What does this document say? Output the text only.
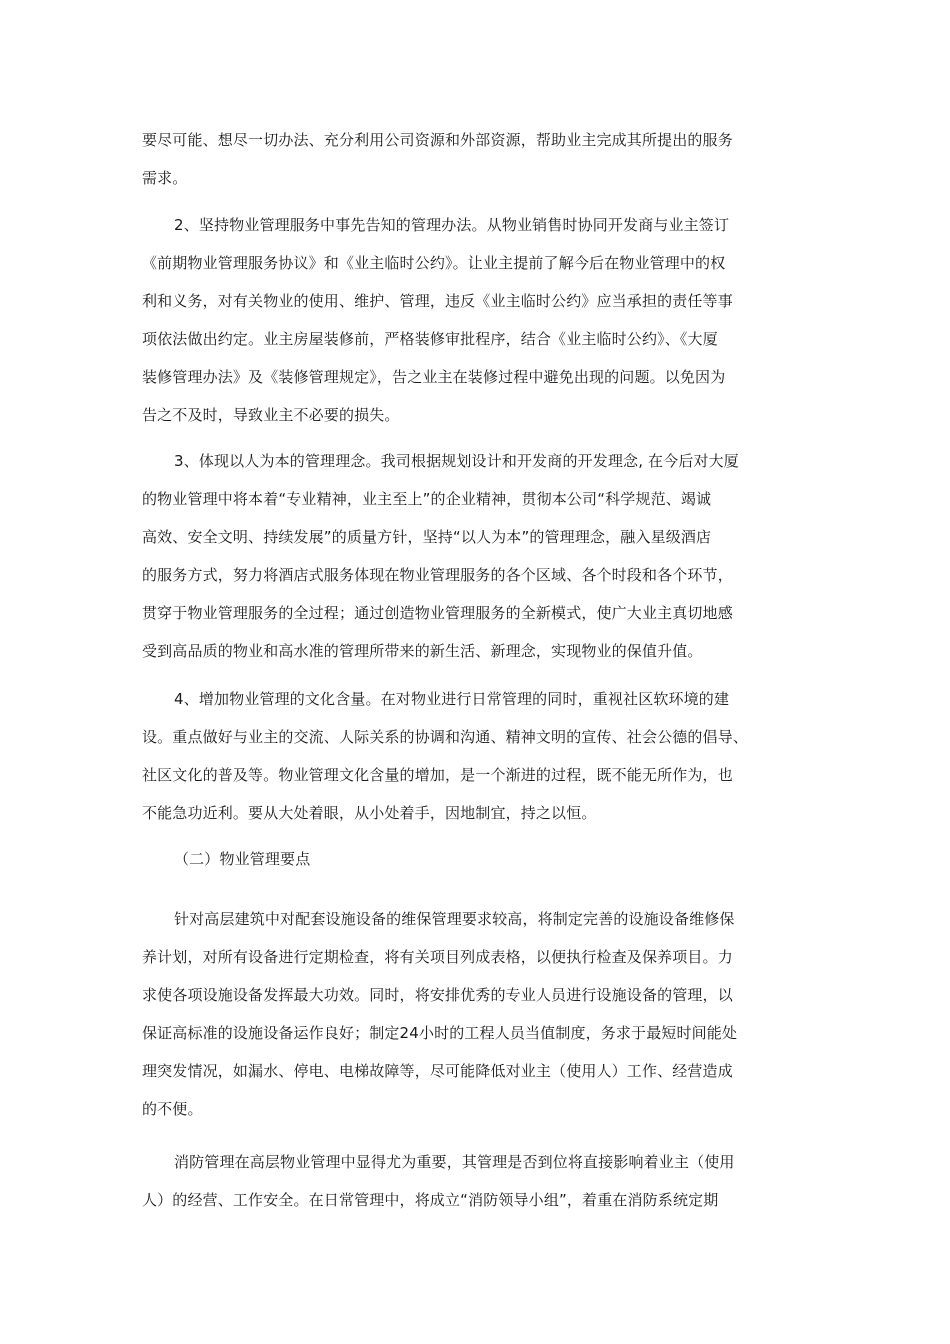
要尽可能、想尽一切办法、充分利用公司资源和外部资源，帮助业主完成其所提出的服务
需求。
2、坚持物业管理服务中事先告知的管理办法。从物业销售时协同开发商与业主签订
《前期物业管理服务协议》和《业主临时公约》。让业主提前了解今后在物业管理中的权
利和义务，对有关物业的使用、维护、管理，违反《业主临时公约》应当承担的责任等事
项依法做出约定。业主房屋装修前，严格装修审批程序，结合《业主临时公约》、《大厦
装修管理办法》及《装修管理规定》，告之业主在装修过程中避免出现的问题。以免因为
告之不及时，导致业主不必要的损失。
3、体现以人为本的管理理念。我司根据规划设计和开发商的开发理念, 在今后对大厦
的物业管理中将本着“专业精神，业主至上”的企业精神，贯彻本公司“科学规范、竭诚
高效、安全文明、持续发展”的质量方针，坚持“以人为本”的管理理念，融入星级酒店
的服务方式，努力将酒店式服务体现在物业管理服务的各个区域、各个时段和各个环节，
贯穿于物业管理服务的全过程；通过创造物业管理服务的全新模式，使广大业主真切地感
受到高品质的物业和高水准的管理所带来的新生活、新理念，实现物业的保值升值。
4、增加物业管理的文化含量。在对物业进行日常管理的同时，重视社区软环境的建
设。重点做好与业主的交流、人际关系的协调和沟通、精神文明的宣传、社会公德的倡导、
社区文化的普及等。物业管理文化含量的增加，是一个渐进的过程，既不能无所作为，也
不能急功近利。要从大处着眼，从小处着手，因地制宜，持之以恒。
（二）物业管理要点
针对高层建筑中对配套设施设备的维保管理要求较高，将制定完善的设施设备维修保
养计划，对所有设备进行定期检查，将有关项目列成表格，以便执行检查及保养项目。力
求使各项设施设备发挥最大功效。同时，将安排优秀的专业人员进行设施设备的管理，以
保证高标准的设施设备运作良好；制定24小时的工程人员当值制度，务求于最短时间能处
理突发情况，如漏水、停电、电梯故障等，尽可能降低对业主（使用人）工作、经营造成
的不便。
消防管理在高层物业管理中显得尤为重要，其管理是否到位将直接影响着业主（使用
人）的经营、工作安全。在日常管理中，将成立“消防领导小组”，着重在消防系统定期
